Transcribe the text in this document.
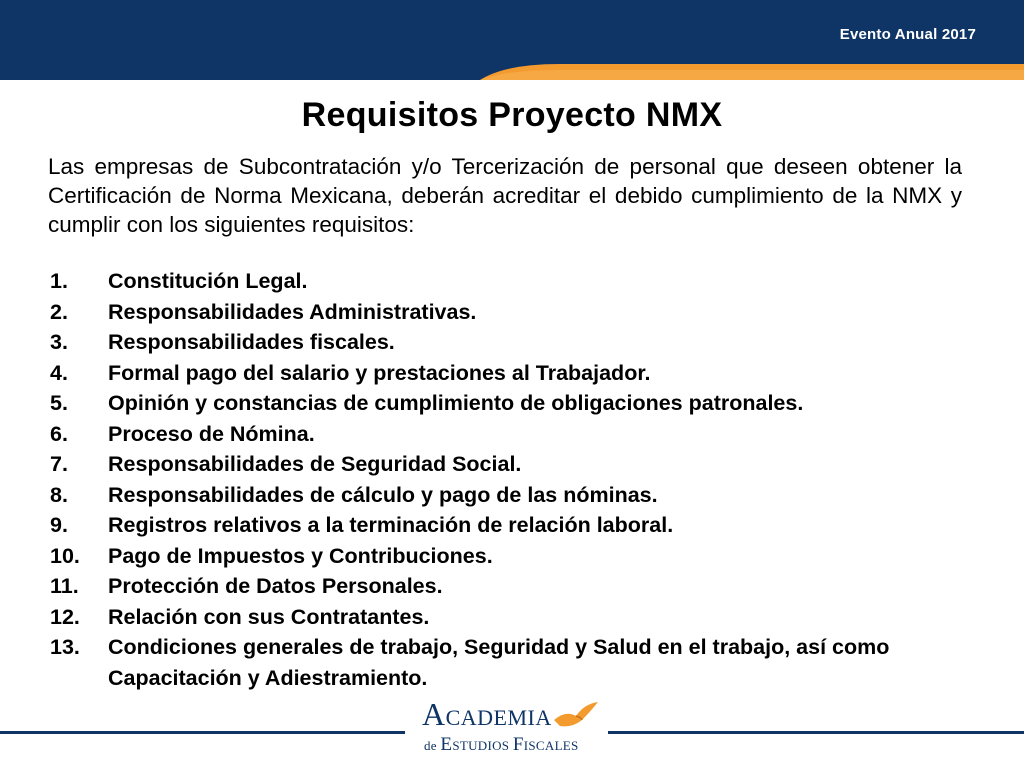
Evento Anual 2017
Requisitos Proyecto NMX
Las empresas de Subcontratación y/o Tercerización de personal que deseen obtener la Certificación de Norma Mexicana, deberán acreditar el debido cumplimiento de la NMX y cumplir con los siguientes requisitos:
1.	Constitución Legal.
2.	Responsabilidades Administrativas.
3.	Responsabilidades fiscales.
4.	Formal pago del salario y prestaciones al Trabajador.
5.	Opinión y constancias de cumplimiento de obligaciones patronales.
6.	Proceso de Nómina.
7.	Responsabilidades de Seguridad Social.
8.	Responsabilidades de cálculo y pago de las nóminas.
9.	Registros relativos a la terminación de relación laboral.
10.	Pago de Impuestos y Contribuciones.
11.	Protección de Datos Personales.
12.	Relación con sus Contratantes.
13.	Condiciones generales de trabajo, Seguridad y Salud en el trabajo, así como Capacitación y Adiestramiento.
ACADEMIA
de ESTUDIOS FISCALES
